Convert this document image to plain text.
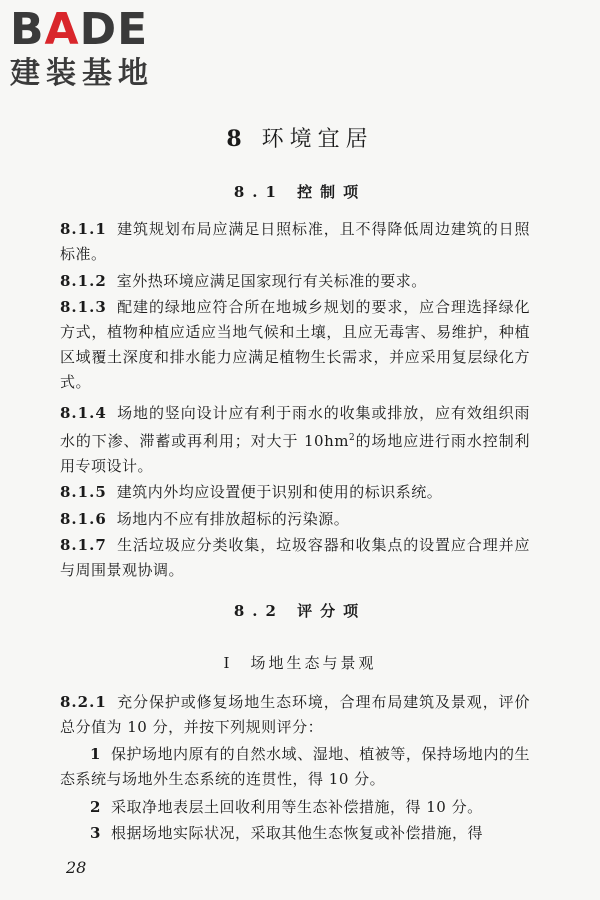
BADE
建装基地
8 环境宜居
8.1 控制项
8.1.1 建筑规划布局应满足日照标准，且不得降低周边建筑的日照标准。
8.1.2 室外热环境应满足国家现行有关标准的要求。
8.1.3 配建的绿地应符合所在地城乡规划的要求，应合理选择绿化方式，植物种植应适应当地气候和土壤，且应无毒害、易维护，种植区域覆土深度和排水能力应满足植物生长需求，并应采用复层绿化方式。
8.1.4 场地的竖向设计应有利于雨水的收集或排放，应有效组织雨水的下渗、滞蓄或再利用；对大于 $10hm^2$的场地应进行雨水控制利用专项设计。
8.1.5 建筑内外均应设置便于识别和使用的标识系统。
8.1.6 场地内不应有排放超标的污染源。
8.1.7 生活垃圾应分类收集，垃圾容器和收集点的设置应合理并应与周围景观协调。
8.2 评分项
Ⅰ 场地生态与景观
8.2.1 充分保护或修复场地生态环境，合理布局建筑及景观，评价总分值为 10 分，并按下列规则评分：
1 保护场地内原有的自然水域、湿地、植被等，保持场地内的生态系统与场地外生态系统的连贯性，得 10 分。
2 采取净地表层土回收利用等生态补偿措施，得 10 分。
3 根据场地实际状况，采取其他生态恢复或补偿措施，得
28
